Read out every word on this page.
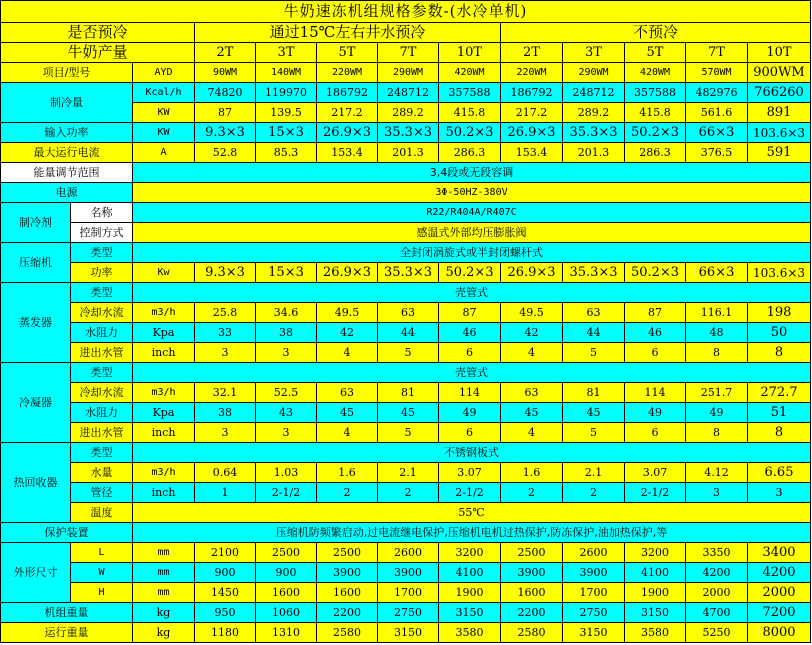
牛奶速冻机组规格参数-(水冷单机)												
是否预冷			通过15℃左右井水预冷					不预冷				
牛奶产量			2T	3T	5T	7T	10T	2T	3T	5T	7T	10T
项目/型号		AYD	90WM	140WM	220WM	290WM	420WM	220WM	290WM	420WM	570WM	900WM
制冷量		Kcal/h	74820	119970	186792	248712	357588	186792	248712	357588	482976	766260
		KW	87	139.5	217.2	289.2	415.8	217.2	289.2	415.8	561.6	891
输入功率		KW	9.3×3	15×3	26.9×3	35.3×3	50.2×3	26.9×3	35.3×3	50.2×3	66×3	103.6×3
最大运行电流		A	52.8	85.3	153.4	201.3	286.3	153.4	201.3	286.3	376.5	591
能量调节范围		3,4段或无段容调										
电源		3Φ-50HZ-380V										
制冷剂	名称	R22/R404A/R407C										
	控制方式	感温式外部均压膨胀阀										
压缩机	类型	全封闭涡旋式或半封闭螺杆式										
	功率	Kw	9.3×3	15×3	26.9×3	35.3×3	50.2×3	26.9×3	35.3×3	50.2×3	66×3	103.6×3
蒸发器	类型	壳管式										
	冷却水流	m3/h	25.8	34.6	49.5	63	87	49.5	63	87	116.1	198
	水阻力	Kpa	33	38	42	44	46	42	44	46	48	50
	进出水管	inch	3	3	4	5	6	4	5	6	8	8
冷凝器	类型	壳管式										
	冷却水流	m3/h	32.1	52.5	63	81	114	63	81	114	251.7	272.7
	水阻力	Kpa	38	43	45	45	49	45	45	49	49	51
	进出水管	inch	3	3	4	5	6	4	5	6	8	8
热回收器	类型	不锈钢板式										
	水量	m3/h	0.64	1.03	1.6	2.1	3.07	1.6	2.1	3.07	4.12	6.65
	管径	inch	1	2-1/2	2	2	2-1/2	2	2	2-1/2	3	3
	温度	55℃										
保护装置		压缩机防频繁启动,过电流继电保护,压缩机电机过热保护,防冻保护,油加热保护,等										
外形尺寸	L	mm	2100	2500	2500	2600	3200	2500	2600	3200	3350	3400
	W	mm	900	900	3900	3900	4100	3900	3900	4100	4200	4200
	H	mm	1450	1600	1600	1700	1900	1600	1700	1900	2000	2000
机组重量		kg	950	1060	2200	2750	3150	2200	2750	3150	4700	7200
运行重量		kg	1180	1310	2580	3150	3580	2580	3150	3580	5250	8000
